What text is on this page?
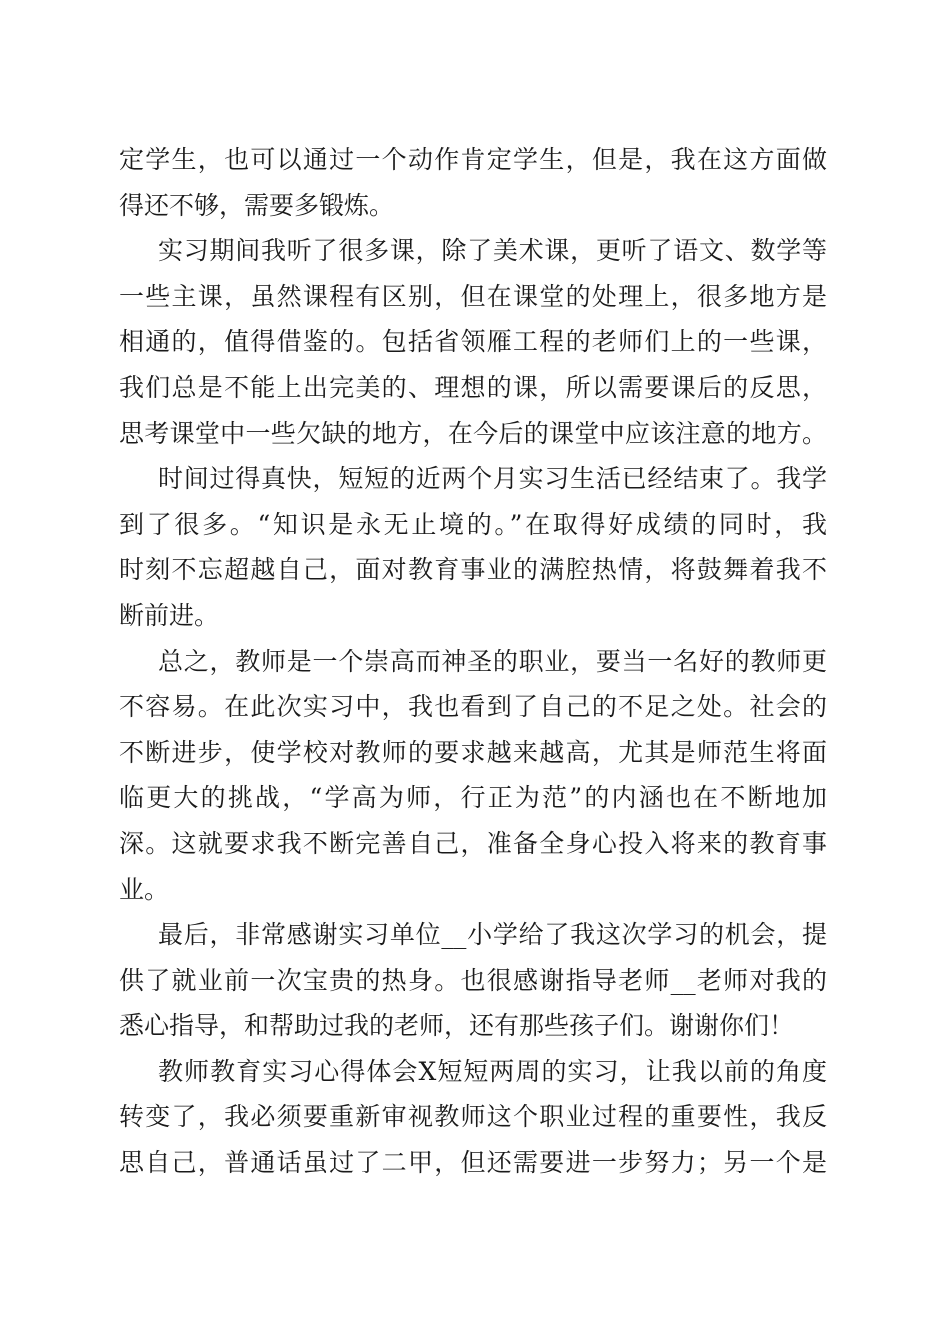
定学生，也可以通过一个动作肯定学生，但是，我在这方面做
得还不够，需要多锻炼。
实习期间我听了很多课，除了美术课，更听了语文、数学等
一些主课，虽然课程有区别，但在课堂的处理上，很多地方是
相通的，值得借鉴的。包括省领雁工程的老师们上的一些课，
我们总是不能上出完美的、理想的课，所以需要课后的反思，
思考课堂中一些欠缺的地方，在今后的课堂中应该注意的地方。
时间过得真快，短短的近两个月实习生活已经结束了。我学
到了很多。“知识是永无止境的。”在取得好成绩的同时，我
时刻不忘超越自己，面对教育事业的满腔热情，将鼓舞着我不
断前进。
总之，教师是一个崇高而神圣的职业，要当一名好的教师更
不容易。在此次实习中，我也看到了自己的不足之处。社会的
不断进步，使学校对教师的要求越来越高，尤其是师范生将面
临更大的挑战，“学高为师，行正为范”的内涵也在不断地加
深。这就要求我不断完善自己，准备全身心投入将来的教育事
业。
最后，非常感谢实习单位__小学给了我这次学习的机会，提
供了就业前一次宝贵的热身。也很感谢指导老师__老师对我的
悉心指导，和帮助过我的老师，还有那些孩子们。谢谢你们！
教师教育实习心得体会X短短两周的实习，让我以前的角度
转变了，我必须要重新审视教师这个职业过程的重要性，我反
思自己，普通话虽过了二甲，但还需要进一步努力；另一个是
